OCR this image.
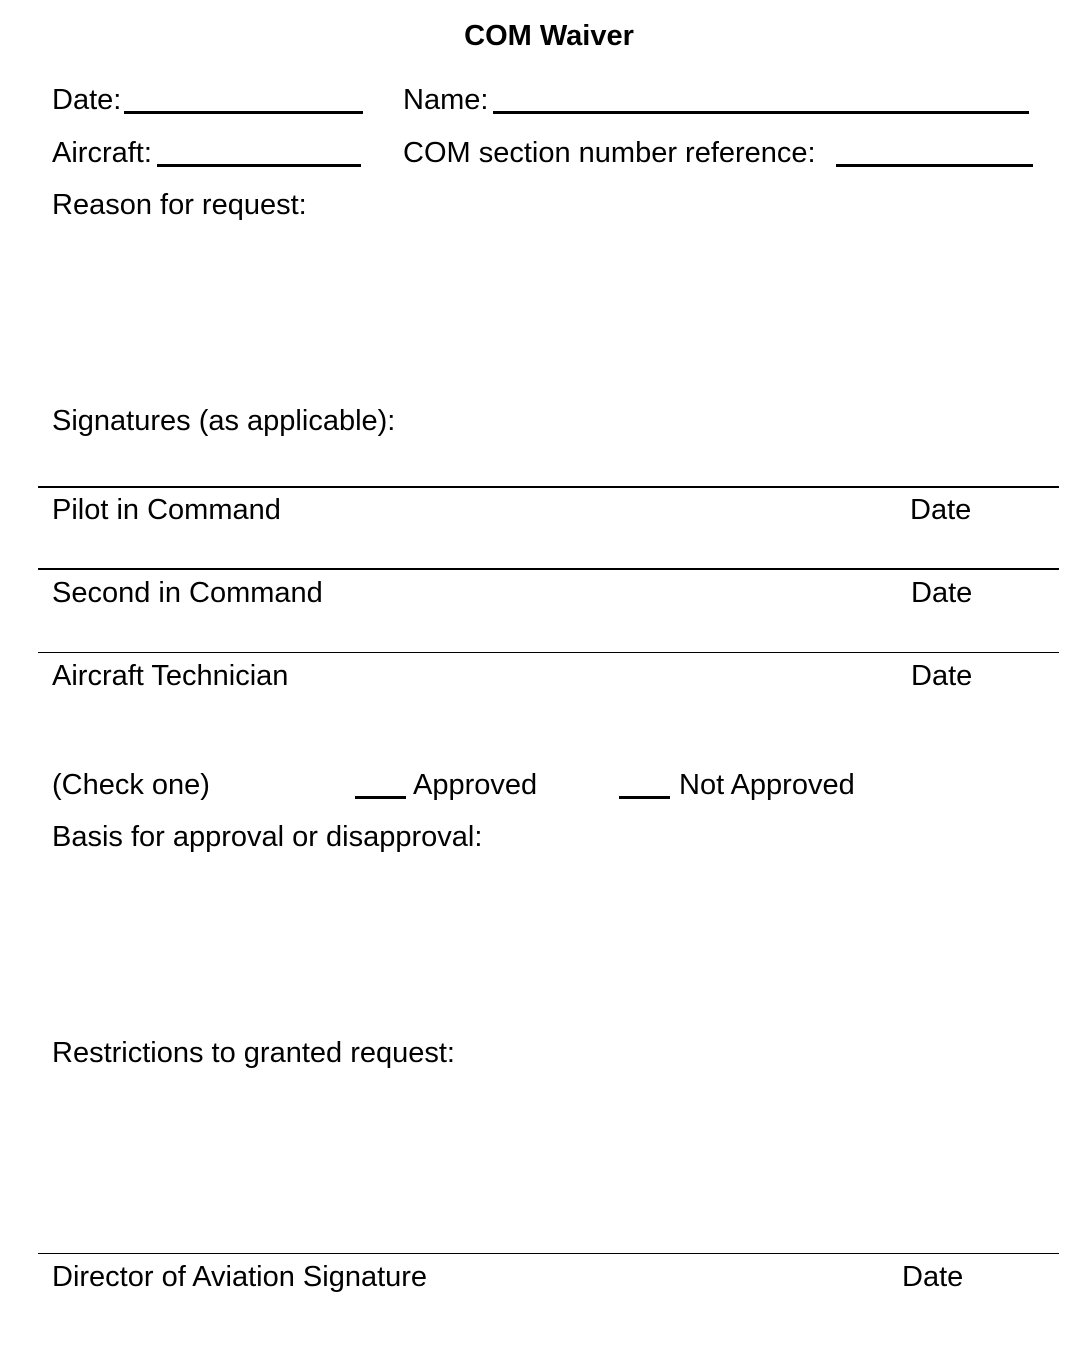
COM Waiver
Date:	Name:
Aircraft:	COM section number reference:
Reason for request:
Signatures (as applicable):
Pilot in Command	Date
Second in Command	Date
Aircraft Technician	Date
(Check one)	Approved	Not Approved
Basis for approval or disapproval:
Restrictions to granted request:
Director of Aviation Signature	Date
